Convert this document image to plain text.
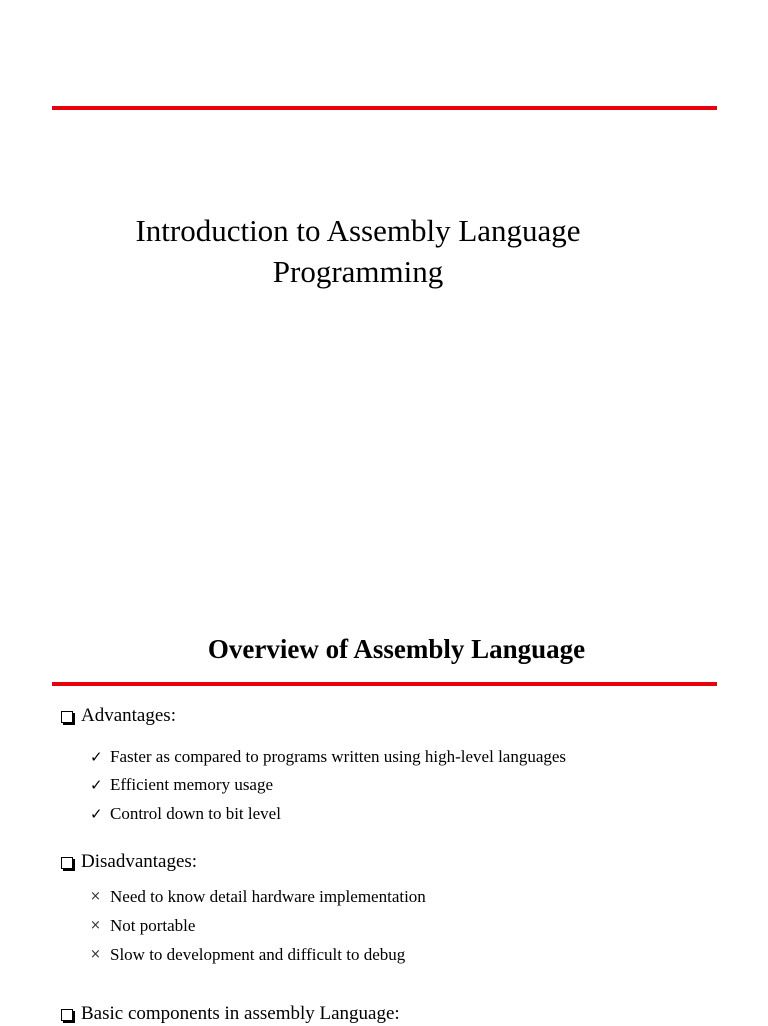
Introduction to Assembly Language
Programming
Overview of Assembly Language
Advantages:
✓ Faster as compared to programs written using high-level languages
✓ Efficient memory usage
✓ Control down to bit level
Disadvantages:
× Need to know detail hardware implementation
× Not portable
× Slow to development and difficult to debug
Basic components in assembly Language:
